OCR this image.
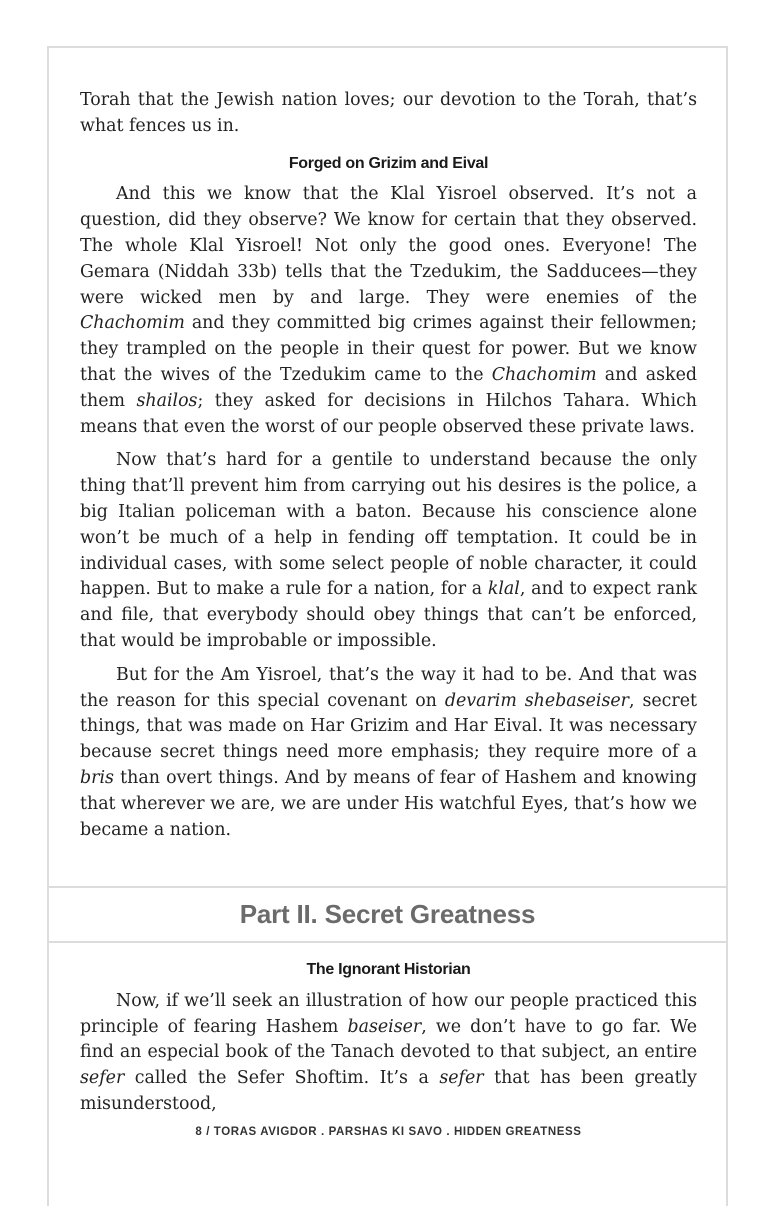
Torah that the Jewish nation loves; our devotion to the Torah, that’s what fences us in.

Forged on Grizim and Eival

And this we know that the Klal Yisroel observed. It’s not a question, did they observe? We know for certain that they observed. The whole Klal Yisroel! Not only the good ones. Everyone! The Gemara (Niddah 33b) tells that the Tzedukim, the Sadducees—they were wicked men by and large. They were enemies of the Chachomim and they committed big crimes against their fellowmen; they trampled on the people in their quest for power. But we know that the wives of the Tzedukim came to the Chachomim and asked them shailos; they asked for decisions in Hilchos Tahara. Which means that even the worst of our people observed these private laws.

Now that’s hard for a gentile to understand because the only thing that’ll prevent him from carrying out his desires is the police, a big Italian policeman with a baton. Because his conscience alone won’t be much of a help in fending off temptation. It could be in individual cases, with some select people of noble character, it could happen. But to make a rule for a nation, for a klal, and to expect rank and file, that everybody should obey things that can’t be enforced, that would be improbable or impossible.

But for the Am Yisroel, that’s the way it had to be. And that was the reason for this special covenant on devarim shebaseiser, secret things, that was made on Har Grizim and Har Eival. It was necessary because secret things need more emphasis; they require more of a bris than overt things. And by means of fear of Hashem and knowing that wherever we are, we are under His watchful Eyes, that’s how we became a nation.

Part II. Secret Greatness

The Ignorant Historian

Now, if we’ll seek an illustration of how our people practiced this principle of fearing Hashem baseiser, we don’t have to go far. We find an especial book of the Tanach devoted to that subject, an entire sefer called the Sefer Shoftim. It’s a sefer that has been greatly misunderstood,

8 / TORAS AVIGDOR . PARSHAS KI SAVO . HIDDEN GREATNESS
